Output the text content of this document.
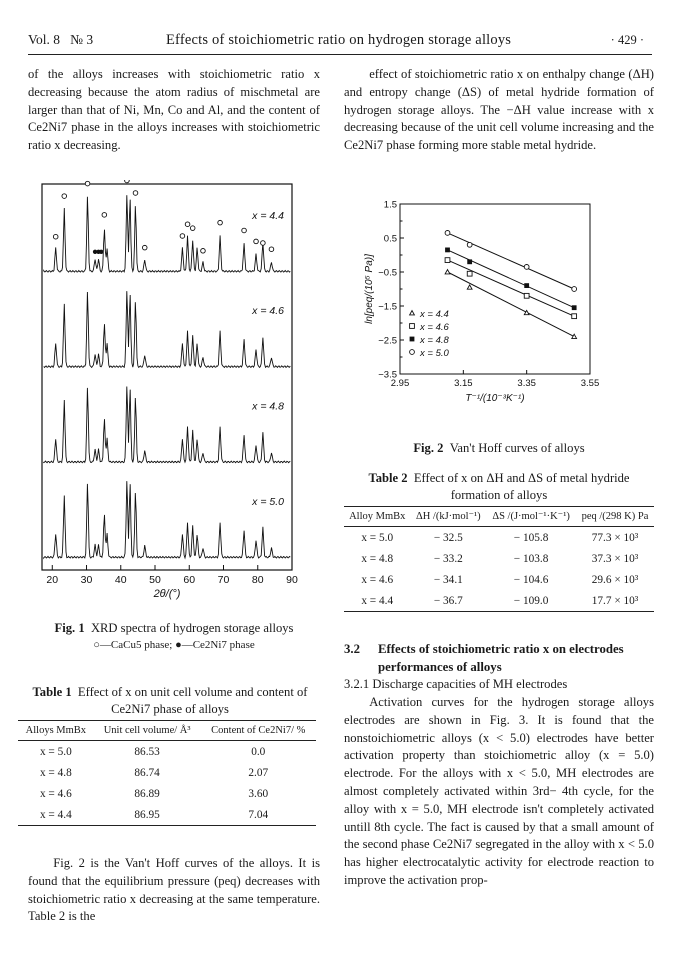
Vol. 8 № 3	Effects of stoichiometric ratio on hydrogen storage alloys	· 429 ·

of the alloys increases with stoichiometric ratio x decreasing because the atom radius of mischmetal are larger than that of Ni, Mn, Co and Al, and the content of Ce2Ni7 phase in the alloys increases with stoichiometric ratio x decreasing.

effect of stoichiometric ratio x on enthalpy change (ΔH) and entropy change (ΔS) of metal hydride formation of hydrogen storage alloys. The −ΔH value increase with x decreasing because of the unit cell volume increasing and the Ce2Ni7 phase forming more stable metal hydride.

20 30 40 50 60 70 80 90
2θ/(°)
x = 4.4
x = 4.6
x = 4.8
x = 5.0
Fig. 1 XRD spectra of hydrogen storage alloys
○—CaCu5 phase; ●—Ce2Ni7 phase
Table 1 Effect of x on unit cell volume and content of Ce2Ni7 phase of alloys
Alloys MmBx	Unit cell volume/ Å³	Content of Ce2Ni7/ %
x = 5.0	86.53	0.0
x = 4.8	86.74	2.07
x = 4.6	86.89	3.60
x = 4.4	86.95	7.04

Fig. 2 is the Van't Hoff curves of the alloys. It is found that the equilibrium pressure (peq) decreases with stoichiometric ratio x decreasing at the same temperature. Table 2 is the

1.5
0.5
−0.5
−1.5
−2.5
−3.5
2.95	3.15	3.35	3.55
T⁻¹/(10⁻³K⁻¹)
ln[peq/(10⁵ Pa)]	x = 4.4
x = 4.6
x = 4.8
x = 5.0
Fig. 2 Van't Hoff curves of alloys
Table 2 Effect of x on ΔH and ΔS of metal hydride formation of alloys
Alloy MmBx	ΔH /(kJ·mol⁻¹)	ΔS /(J·mol⁻¹·K⁻¹)	peq /(298 K) Pa
x = 5.0	− 32.5	− 105.8	77.3 × 10³
x = 4.8	− 33.2	− 103.8	37.3 × 10³
x = 4.6	− 34.1	− 104.6	29.6 × 10³
x = 4.4	− 36.7	− 109.0	17.7 × 10³
3.2	Effects of stoichiometric ratio x on electrodes performances of alloys

3.2.1 Discharge capacities of MH electrodes

Activation curves for the hydrogen storage alloys electrodes are shown in Fig. 3. It is found that the nonstoichiometric alloys (x < 5.0) electrodes have better activation property than stoichiometric alloy (x = 5.0) electrode. For the alloys with x < 5.0, MH electrodes are almost completely activated within 3rd− 4th cycle, for the alloy with x = 5.0, MH electrode isn't completely activated untill 8th cycle. The fact is caused by that a small amount of the second phase Ce2Ni7 segregated in the alloy with x < 5.0 has higher electrocatalytic activity for electrode reaction to improve the activation prop-
